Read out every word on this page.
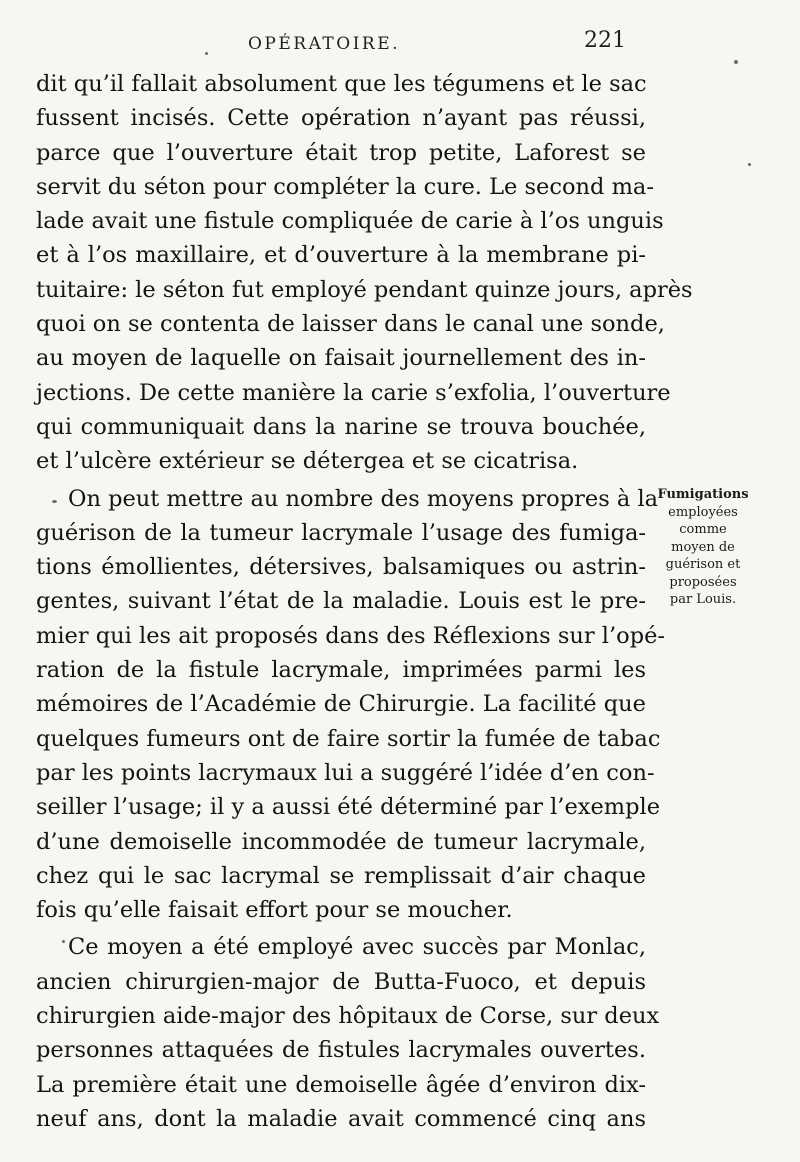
OPÉRATOIRE.	221
dit qu’il fallait absolument que les tégumens et le sac
fussent incisés. Cette opération n’ayant pas réussi,
parce que l’ouverture était trop petite, Laforest se
servit du séton pour compléter la cure. Le second ma-
lade avait une fistule compliquée de carie à l’os unguis
et à l’os maxillaire, et d’ouverture à la membrane pi-
tuitaire: le séton fut employé pendant quinze jours, après
quoi on se contenta de laisser dans le canal une sonde,
au moyen de laquelle on faisait journellement des in-
jections. De cette manière la carie s’exfolia, l’ouverture
qui communiquait dans la narine se trouva bouchée,
et l’ulcère extérieur se détergea et se cicatrisa.
On peut mettre au nombre des moyens propres à la
guérison de la tumeur lacrymale l’usage des fumiga-
tions émollientes, détersives, balsamiques ou astrin-
gentes, suivant l’état de la maladie. Louis est le pre-
mier qui les ait proposés dans des Réflexions sur l’opé-
ration de la fistule lacrymale, imprimées parmi les
mémoires de l’Académie de Chirurgie. La facilité que
quelques fumeurs ont de faire sortir la fumée de tabac
par les points lacrymaux lui a suggéré l’idée d’en con-
seiller l’usage; il y a aussi été déterminé par l’exemple
d’une demoiselle incommodée de tumeur lacrymale,
chez qui le sac lacrymal se remplissait d’air chaque
fois qu’elle faisait effort pour se moucher.
Ce moyen a été employé avec succès par Monlac,
ancien chirurgien-major de Butta-Fuoco, et depuis
chirurgien aide-major des hôpitaux de Corse, sur deux
personnes attaquées de fistules lacrymales ouvertes.
La première était une demoiselle âgée d’environ dix-
neuf ans, dont la maladie avait commencé cinq ans
Fumigations
employées
comme
moyen de
guérison et
proposées
par Louis.
